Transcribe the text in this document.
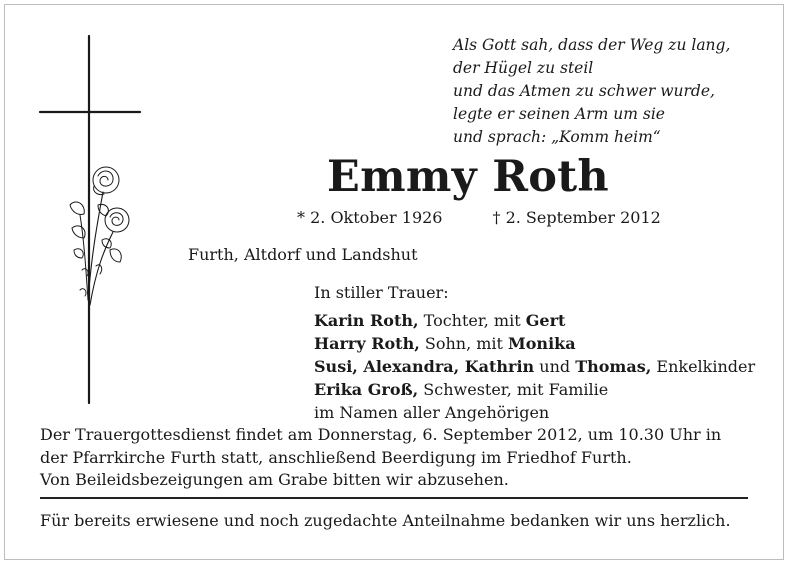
Als Gott sah, dass der Weg zu lang,
der Hügel zu steil
und das Atmen zu schwer wurde,
legte er seinen Arm um sie
und sprach: „Komm heim“
Emmy Roth
* 2. Oktober 1926	† 2. September 2012
Furth, Altdorf und Landshut
In stiller Trauer:
Karin Roth, Tochter, mit Gert
Harry Roth, Sohn, mit Monika
Susi, Alexandra, Kathrin und Thomas, Enkelkinder
Erika Groß, Schwester, mit Familie
im Namen aller Angehörigen
Der Trauergottesdienst findet am Donnerstag, 6. September 2012, um 10.30 Uhr in
der Pfarrkirche Furth statt, anschließend Beerdigung im Friedhof Furth.
Von Beileidsbezeigungen am Grabe bitten wir abzusehen.
Für bereits erwiesene und noch zugedachte Anteilnahme bedanken wir uns herzlich.
